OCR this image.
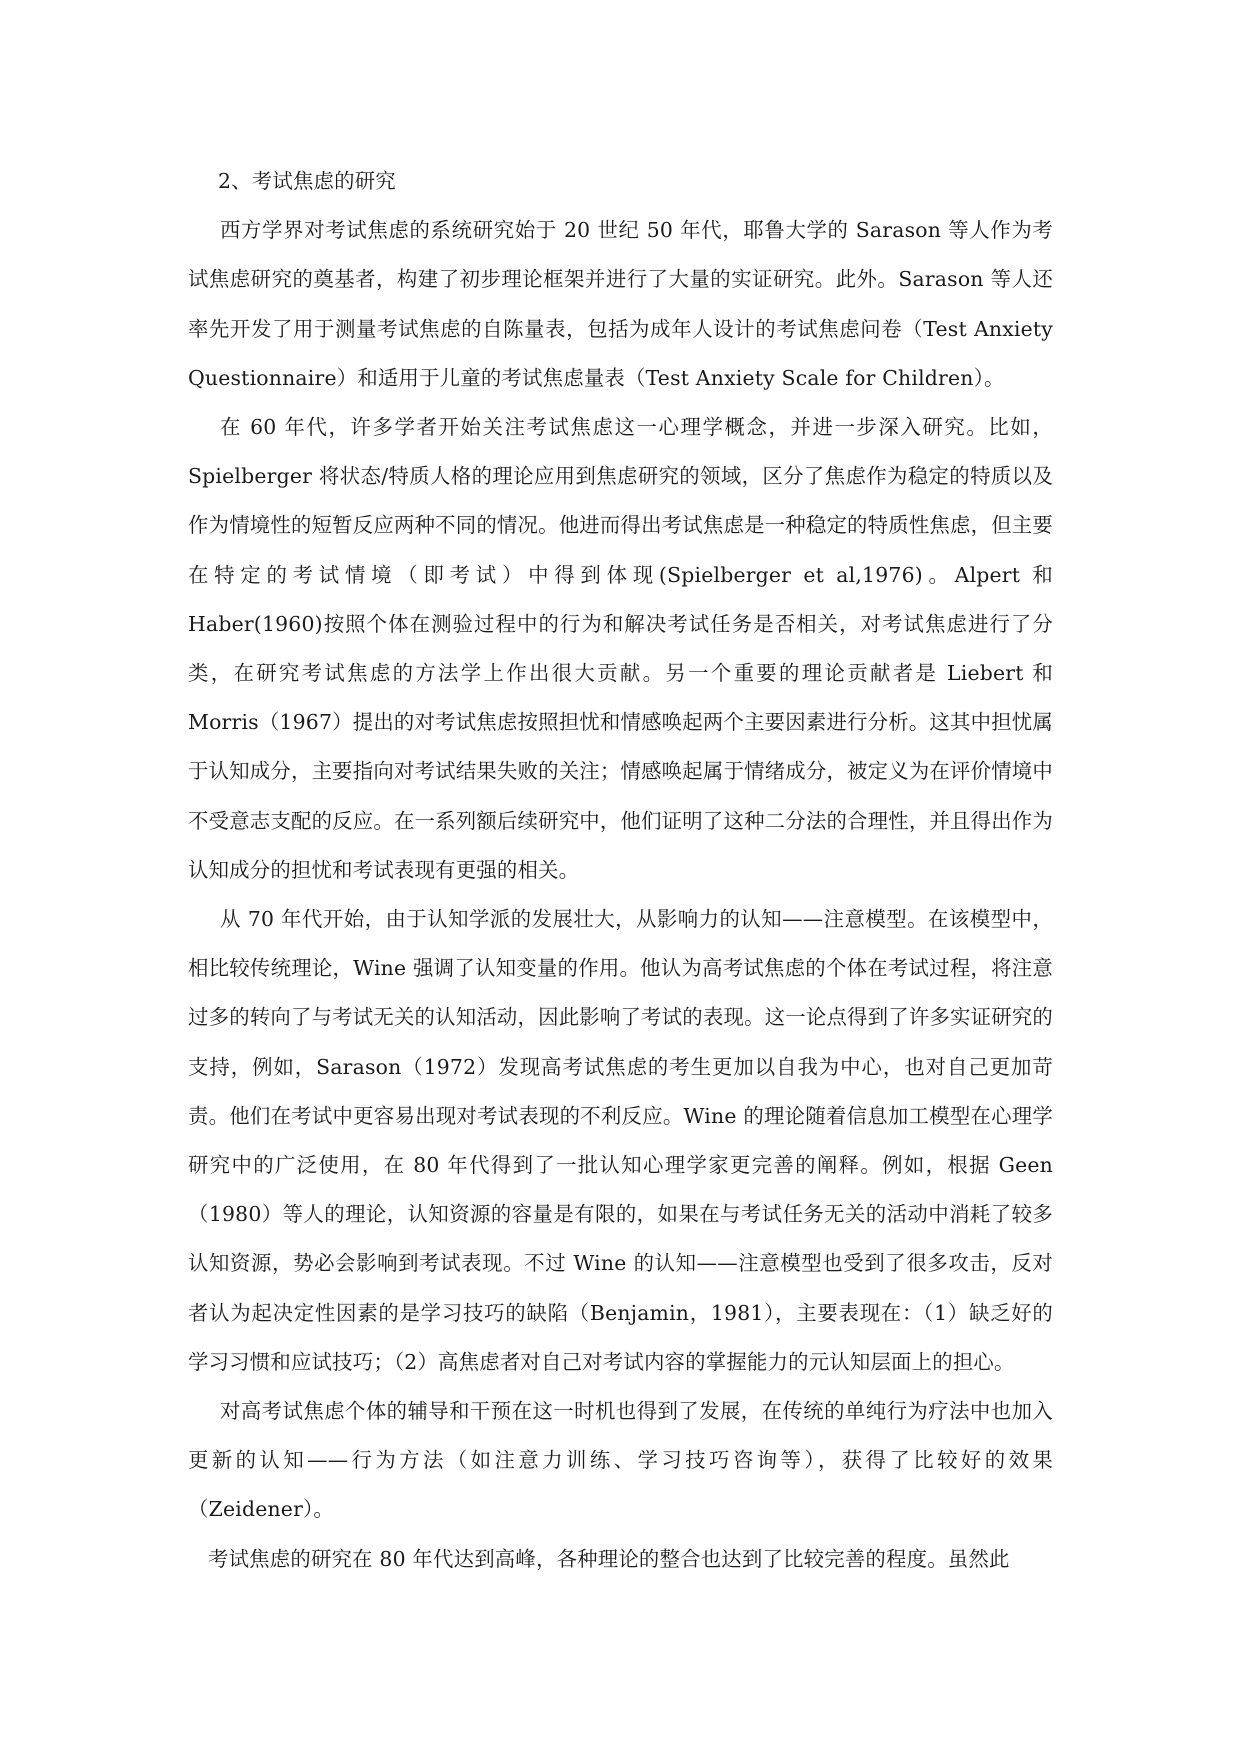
2、考试焦虑的研究

西方学界对考试焦虑的系统研究始于 20 世纪 50 年代，耶鲁大学的 Sarason 等人作为考试焦虑研究的奠基者，构建了初步理论框架并进行了大量的实证研究。此外。Sarason 等人还率先开发了用于测量考试焦虑的自陈量表，包括为成年人设计的考试焦虑问卷（Test Anxiety Questionnaire）和适用于儿童的考试焦虑量表（Test Anxiety Scale for Children）。

在 60 年代，许多学者开始关注考试焦虑这一心理学概念，并进一步深入研究。比如，Spielberger 将状态/特质人格的理论应用到焦虑研究的领域，区分了焦虑作为稳定的特质以及作为情境性的短暂反应两种不同的情况。他进而得出考试焦虑是一种稳定的特质性焦虑，但主要在特定的考试情境（即考试）中得到体现(Spielberger et al,1976)。Alpert 和 Haber(1960)按照个体在测验过程中的行为和解决考试任务是否相关，对考试焦虑进行了分类，在研究考试焦虑的方法学上作出很大贡献。另一个重要的理论贡献者是 Liebert 和 Morris（1967）提出的对考试焦虑按照担忧和情感唤起两个主要因素进行分析。这其中担忧属于认知成分，主要指向对考试结果失败的关注；情感唤起属于情绪成分，被定义为在评价情境中不受意志支配的反应。在一系列额后续研究中，他们证明了这种二分法的合理性，并且得出作为认知成分的担忧和考试表现有更强的相关。

从 70 年代开始，由于认知学派的发展壮大，从影响力的认知——注意模型。在该模型中，相比较传统理论，Wine 强调了认知变量的作用。他认为高考试焦虑的个体在考试过程，将注意过多的转向了与考试无关的认知活动，因此影响了考试的表现。这一论点得到了许多实证研究的支持，例如，Sarason（1972）发现高考试焦虑的考生更加以自我为中心，也对自己更加苛责。他们在考试中更容易出现对考试表现的不利反应。Wine 的理论随着信息加工模型在心理学研究中的广泛使用，在 80 年代得到了一批认知心理学家更完善的阐释。例如，根据 Geen（1980）等人的理论，认知资源的容量是有限的，如果在与考试任务无关的活动中消耗了较多认知资源，势必会影响到考试表现。不过 Wine 的认知——注意模型也受到了很多攻击，反对者认为起决定性因素的是学习技巧的缺陷（Benjamin，1981），主要表现在：（1）缺乏好的学习习惯和应试技巧；（2）高焦虑者对自己对考试内容的掌握能力的元认知层面上的担心。

对高考试焦虑个体的辅导和干预在这一时机也得到了发展，在传统的单纯行为疗法中也加入更新的认知——行为方法（如注意力训练、学习技巧咨询等），获得了比较好的效果（Zeidener）。

考试焦虑的研究在 80 年代达到高峰，各种理论的整合也达到了比较完善的程度。虽然此
